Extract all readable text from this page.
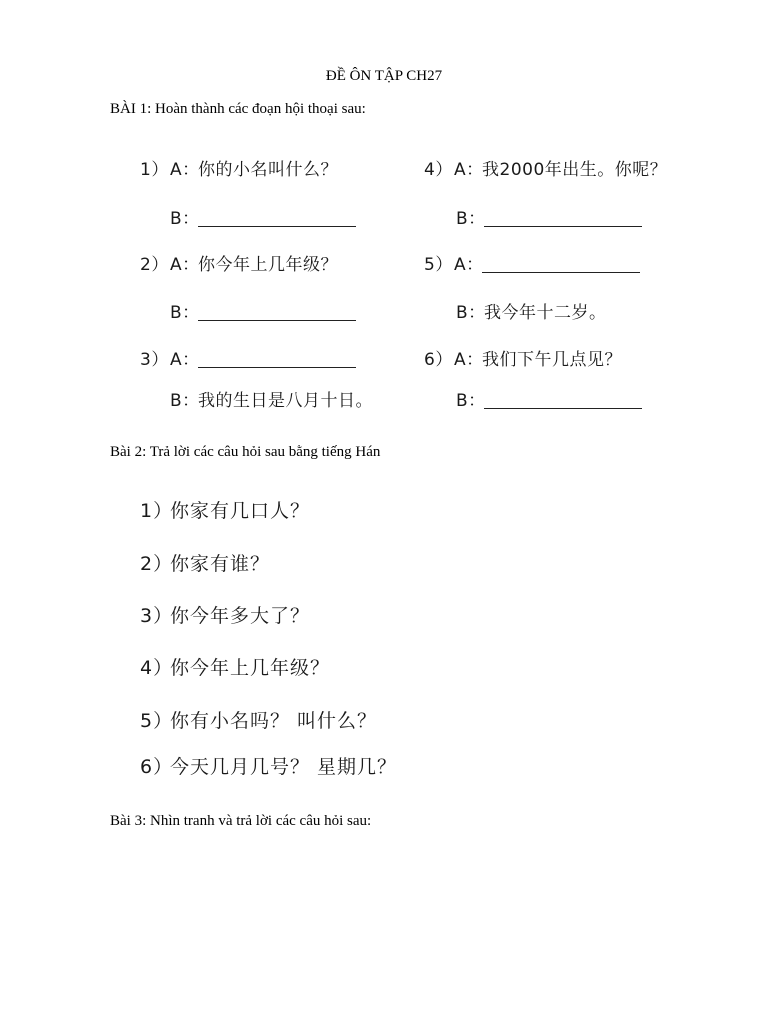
ĐỀ ÔN TẬP CH27
BÀI 1: Hoàn thành các đoạn hội thoại sau:
1）A：你的小名叫什么？
B：
2）A：你今年上几年级？
B：
3）A：
B：我的生日是八月十日。
4）A：我2000年出生。你呢？
B：
5）A：
B：我今年十二岁。
6）A：我们下午几点见？
B：
Bài 2: Trả lời các câu hỏi sau bằng tiếng Hán
1）你家有几口人？
2）你家有谁？
3）你今年多大了？
4）你今年上几年级？
5）你有小名吗？ 叫什么？
6）今天几月几号？ 星期几？
Bài 3: Nhìn tranh và trả lời các câu hỏi sau:
